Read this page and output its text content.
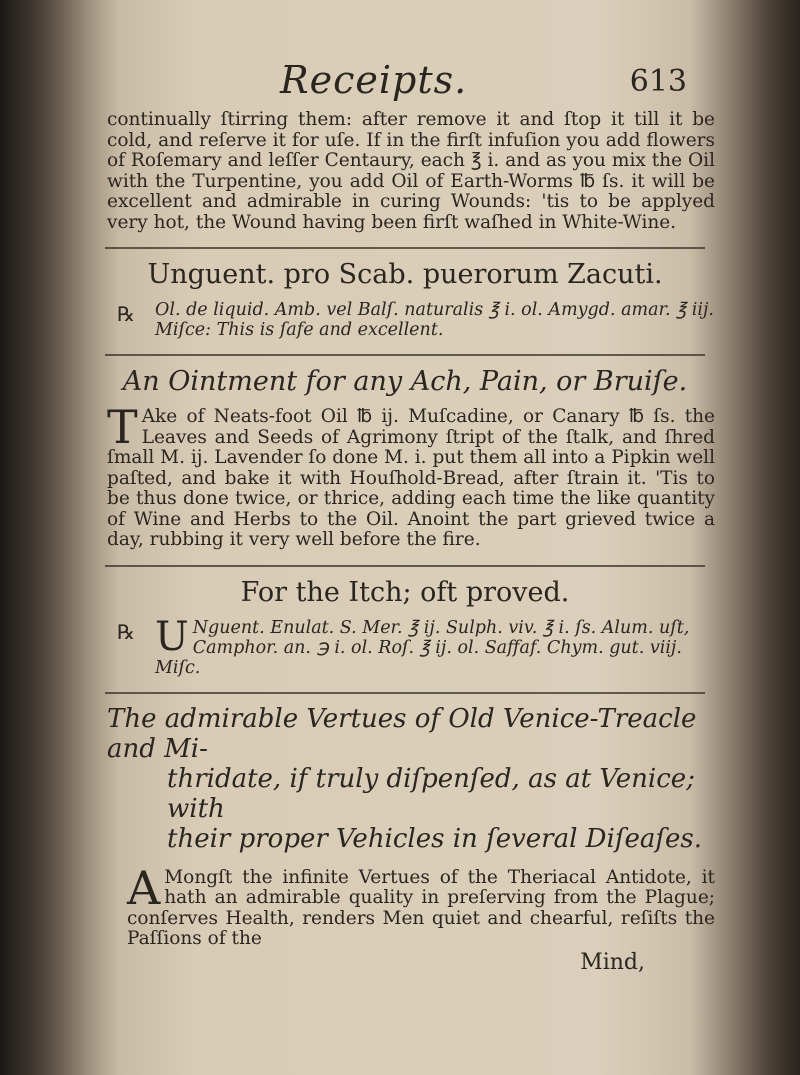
Receipts.	613

continually ſtirring them: after remove it and ſtop it till it be cold, and reſerve it for uſe. If in the firſt infuſion you add flowers of Roſemary and leſſer Centaury, each ℥ i. and as you mix the Oil with the Turpentine, you add Oil of Earth-Worms ℔ ſs. it will be excellent and admirable in curing Wounds: 'tis to be applyed very hot, the Wound having been firſt waſhed in White-Wine.

Unguent. pro Scab. puerorum Zacuti.
℞ Ol. de liquid. Amb. vel Balſ. naturalis ℥ i. ol. Amygd. amar. ℥ iij. Miſce: This is ſafe and excellent.
An Ointment for any Ach, Pain, or Bruiſe.

T Ake of Neats-foot Oil ℔ ij. Muſcadine, or Canary ℔ ſs. the Leaves and Seeds of Agrimony ſtript of the ſtalk, and ſhred ſmall M. ij. Lavender ſo done M. i. put them all into a Pipkin well paſted, and bake it with Houſhold-Bread, after ſtrain it. 'Tis to be thus done twice, or thrice, adding each time the like quantity of Wine and Herbs to the Oil. Anoint the part grieved twice a day, rubbing it very well before the fire.

For the Itch; oft proved.
℞ U Nguent. Enulat. S. Mer. ℥ ij. Sulph. viv. ℥ i. ſs. Alum. uſt, Camphor. an. ℈ i. ol. Roſ. ℥ ij. ol. Saffaf. Chym. gut. viij. Miſc.
The admirable Vertues of Old Venice-Treacle and Mi-
thridate, if truly diſpenſed, as at Venice; with
their proper Vehicles in ſeveral Diſeaſes.

A Mongſt the infinite Vertues of the Theriacal Antidote, it hath an admirable quality in preſerving from the Plague; conſerves Health, renders Men quiet and chearful, reſiſts the Paſſions of the

Mind,
